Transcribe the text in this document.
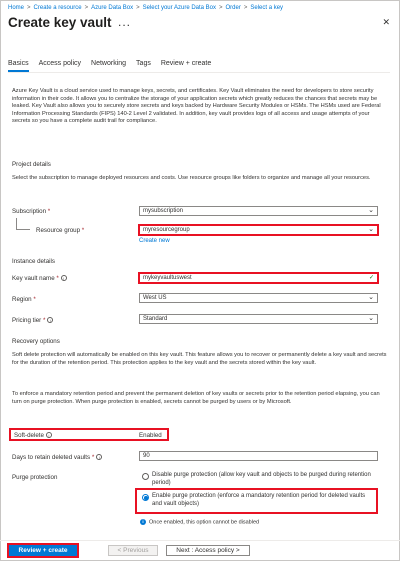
Home > Create a resource > Azure Data Box > Select your Azure Data Box > Order > Select a key
Create key vault ...	✕
Basics Access policy Networking Tags Review + create
Azure Key Vault is a cloud service used to manage keys, secrets, and certificates. Key Vault eliminates the need for developers to store security information in their code. It allows you to centralize the storage of your application secrets which greatly reduces the chances that secrets may be leaked. Key Vault also allows you to securely store secrets and keys backed by Hardware Security Modules or HSMs. The HSMs used are Federal Information Processing Standards (FIPS) 140-2 Level 2 validated. In addition, key vault provides logs of all access and usage attempts of your secrets so you have a complete audit trail for compliance.
Project details
Select the subscription to manage deployed resources and costs. Use resource groups like folders to organize and manage all your resources.
Subscription *	mysubscription	⌄
Resource group *	myresourcegroup	⌄
Create new
Instance details
Key vault name * i	mykeyvaultuswest	✓
Region *	West US	⌄
Pricing tier * i	Standard	⌄
Recovery options
Soft delete protection will automatically be enabled on this key vault. This feature allows you to recover or permanently delete a key vault and secrets for the duration of the retention period. This protection applies to the key vault and the secrets stored within the key vault.
To enforce a mandatory retention period and prevent the permanent deletion of key vaults or secrets prior to the retention period elapsing, you can turn on purge protection. When purge protection is enabled, secrets cannot be purged by users or by Microsoft.
Soft-delete i	Enabled
Days to retain deleted vaults * i	90
Purge protection	Disable purge protection (allow key vault and objects to be purged during retention period)
Enable purge protection (enforce a mandatory retention period for deleted vaults and vault objects)
i Once enabled, this option cannot be disabled
Review + create	< Previous	Next : Access policy >
